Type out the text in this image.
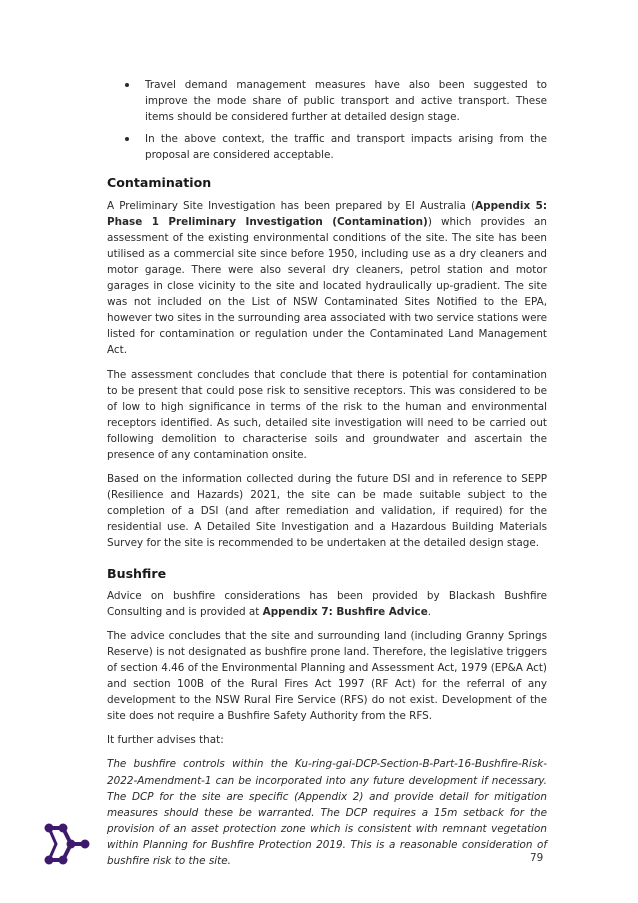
Travel demand management measures have also been suggested to improve the mode share of public transport and active transport. These items should be considered further at detailed design stage.
In the above context, the traffic and transport impacts arising from the proposal are considered acceptable.
Contamination

A Preliminary Site Investigation has been prepared by EI Australia (Appendix 5: Phase 1 Preliminary Investigation (Contamination)) which provides an assessment of the existing environmental conditions of the site. The site has been utilised as a commercial site since before 1950, including use as a dry cleaners and motor garage. There were also several dry cleaners, petrol station and motor garages in close vicinity to the site and located hydraulically up-gradient. The site was not included on the List of NSW Contaminated Sites Notified to the EPA, however two sites in the surrounding area associated with two service stations were listed for contamination or regulation under the Contaminated Land Management Act.

The assessment concludes that conclude that there is potential for contamination to be present that could pose risk to sensitive receptors. This was considered to be of low to high significance in terms of the risk to the human and environmental receptors identified. As such, detailed site investigation will need to be carried out following demolition to characterise soils and groundwater and ascertain the presence of any contamination onsite.

Based on the information collected during the future DSI and in reference to SEPP (Resilience and Hazards) 2021, the site can be made suitable subject to the completion of a DSI (and after remediation and validation, if required) for the residential use. A Detailed Site Investigation and a Hazardous Building Materials Survey for the site is recommended to be undertaken at the detailed design stage.

Bushfire

Advice on bushfire considerations has been provided by Blackash Bushfire Consulting and is provided at Appendix 7: Bushfire Advice.

The advice concludes that the site and surrounding land (including Granny Springs Reserve) is not designated as bushfire prone land. Therefore, the legislative triggers of section 4.46 of the Environmental Planning and Assessment Act, 1979 (EP&A Act) and section 100B of the Rural Fires Act 1997 (RF Act) for the referral of any development to the NSW Rural Fire Service (RFS) do not exist. Development of the site does not require a Bushfire Safety Authority from the RFS.

It further advises that:

The bushfire controls within the Ku-ring-gai-DCP-Section-B-Part-16-Bushfire-Risk-2022-Amendment-1 can be incorporated into any future development if necessary. The DCP for the site are specific (Appendix 2) and provide detail for mitigation measures should these be warranted. The DCP requires a 15m setback for the provision of an asset protection zone which is consistent with remnant vegetation within Planning for Bushfire Protection 2019. This is a reasonable consideration of bushfire risk to the site.	79
